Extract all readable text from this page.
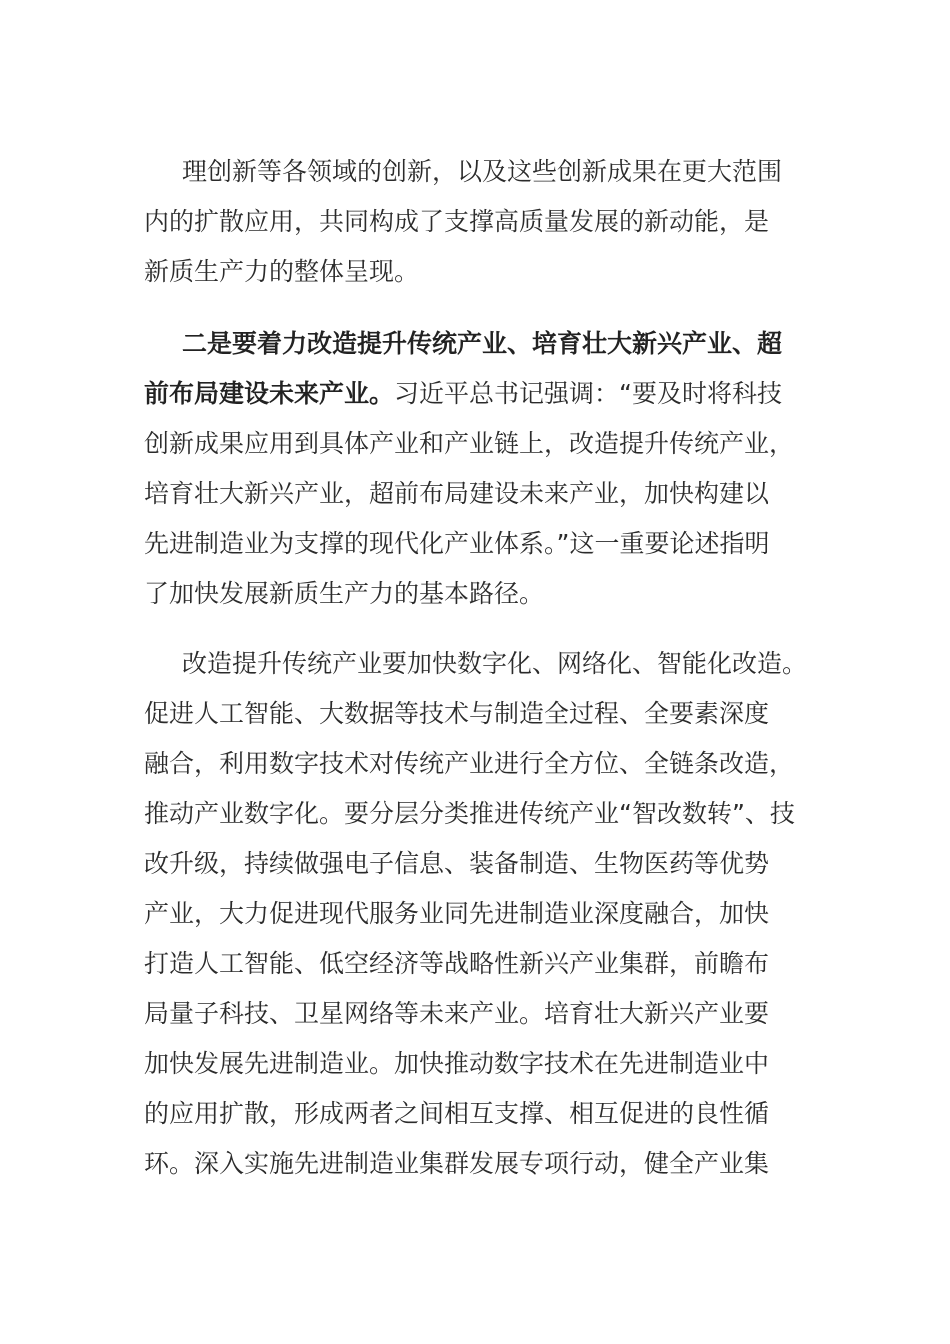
理创新等各领域的创新，以及这些创新成果在更大范围
内的扩散应用，共同构成了支撑高质量发展的新动能，是
新质生产力的整体呈现。
二是要着力改造提升传统产业、培育壮大新兴产业、超
前布局建设未来产业。习近平总书记强调：“要及时将科技
创新成果应用到具体产业和产业链上，改造提升传统产业，
培育壮大新兴产业，超前布局建设未来产业，加快构建以
先进制造业为支撑的现代化产业体系。”这一重要论述指明
了加快发展新质生产力的基本路径。
改造提升传统产业要加快数字化、网络化、智能化改造。
促进人工智能、大数据等技术与制造全过程、全要素深度
融合，利用数字技术对传统产业进行全方位、全链条改造，
推动产业数字化。要分层分类推进传统产业“智改数转”、技
改升级，持续做强电子信息、装备制造、生物医药等优势
产业，大力促进现代服务业同先进制造业深度融合，加快
打造人工智能、低空经济等战略性新兴产业集群，前瞻布
局量子科技、卫星网络等未来产业。培育壮大新兴产业要
加快发展先进制造业。加快推动数字技术在先进制造业中
的应用扩散，形成两者之间相互支撑、相互促进的良性循
环。深入实施先进制造业集群发展专项行动，健全产业集
